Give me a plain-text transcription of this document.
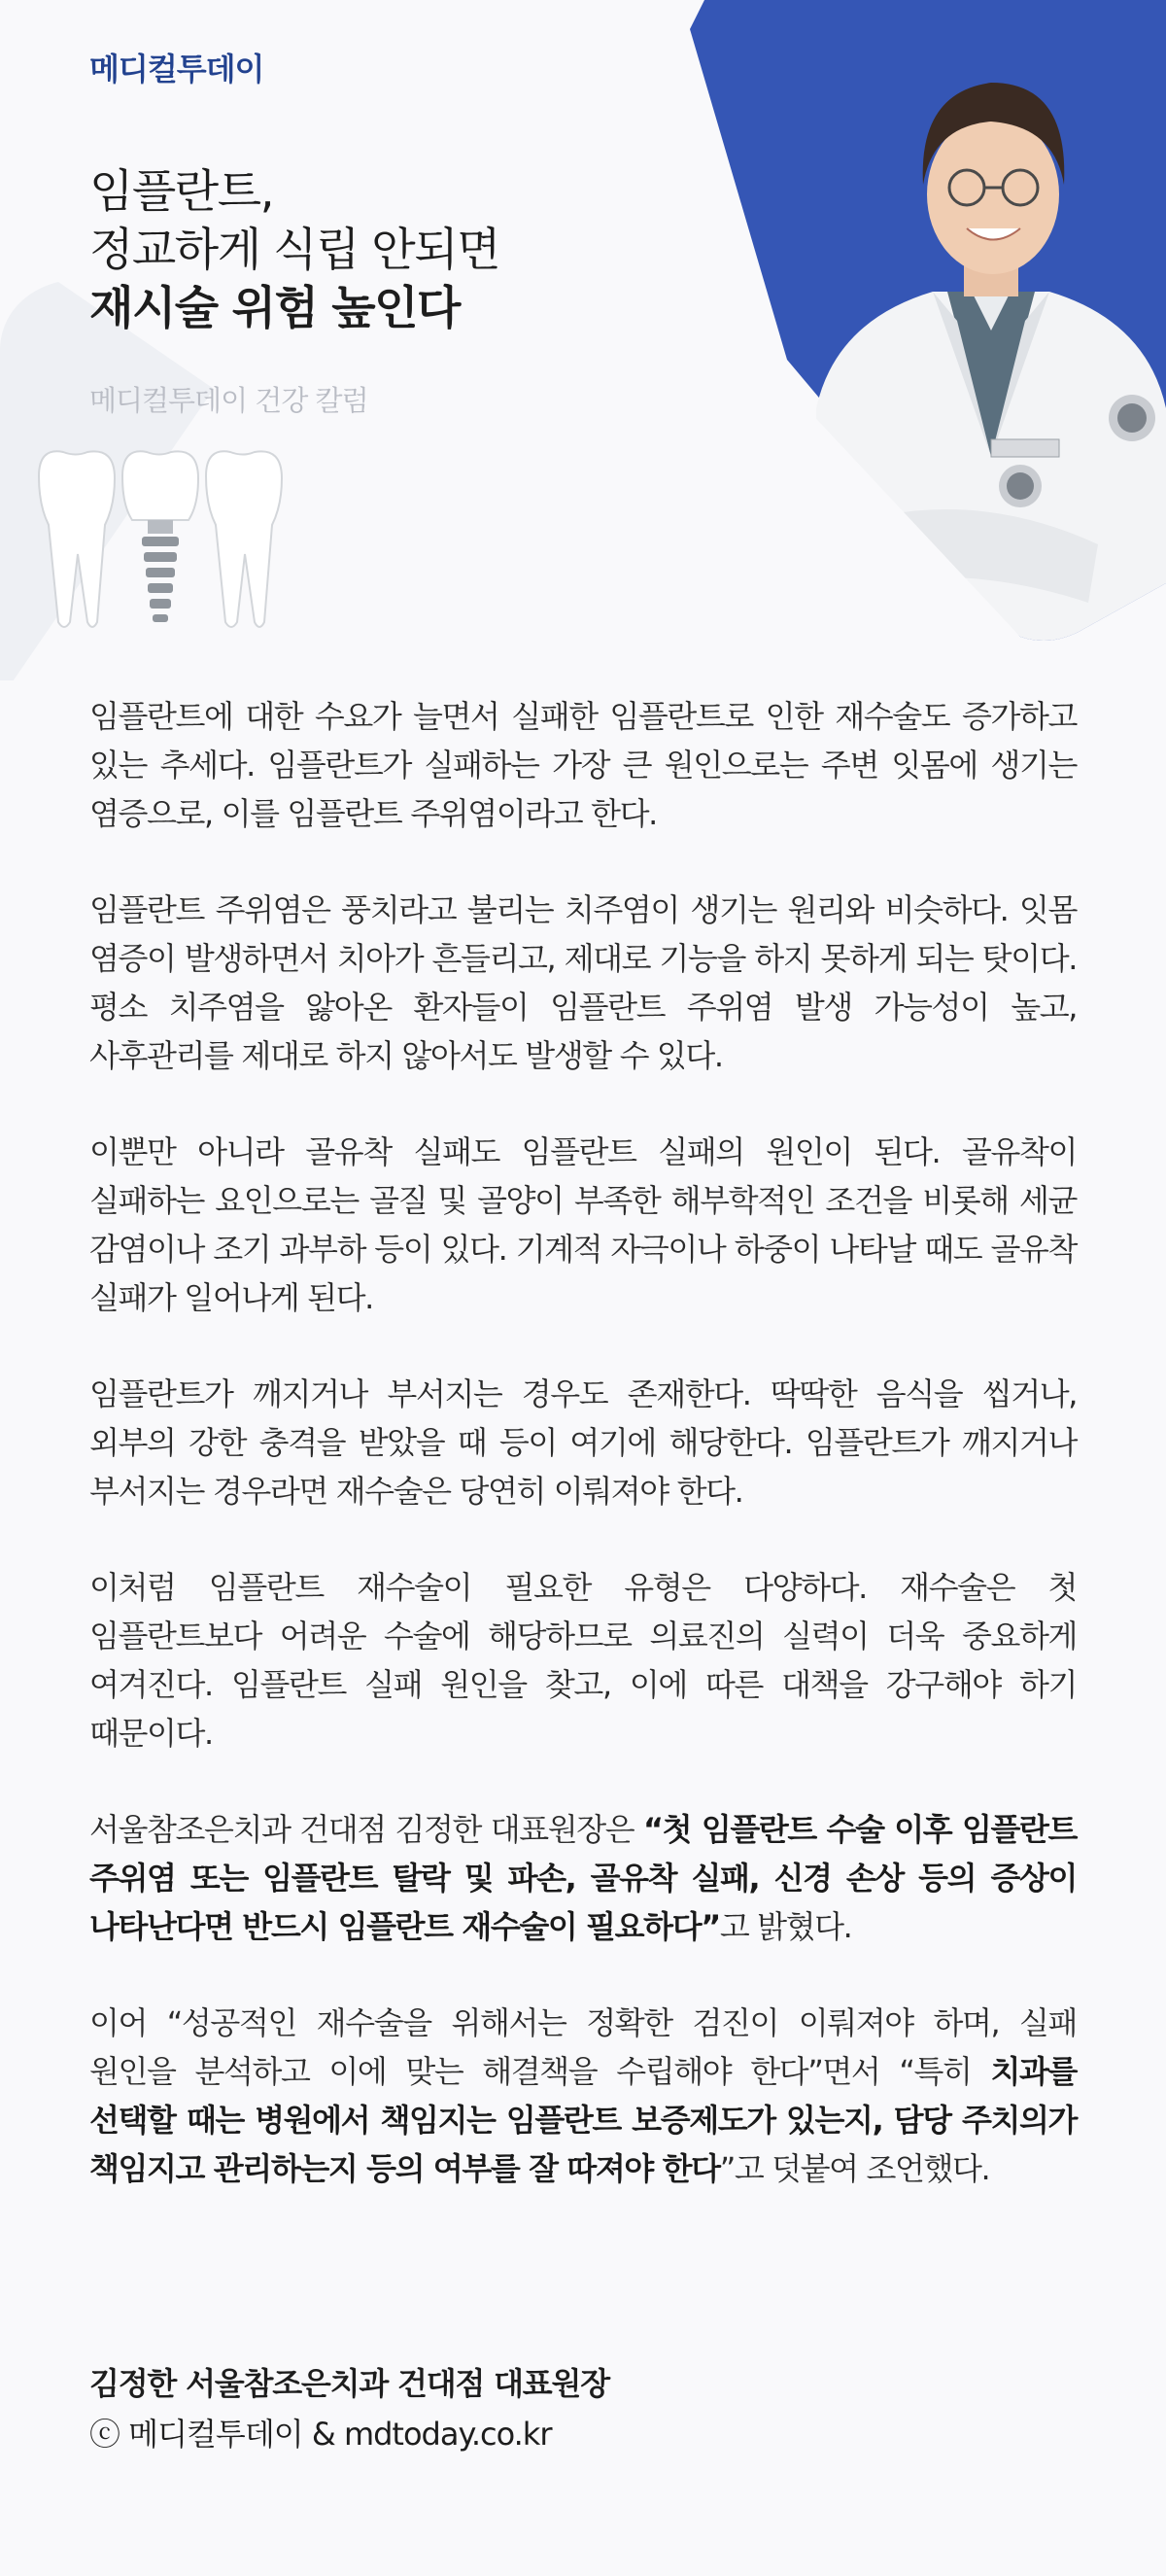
메디컬투데이
임플란트,
정교하게 식립 안되면
재시술 위험 높인다
메디컬투데이 건강 칼럼

임플란트에 대한 수요가 늘면서 실패한 임플란트로 인한 재수술도 증가하고 있는 추세다. 임플란트가 실패하는 가장 큰 원인으로는 주변 잇몸에 생기는 염증으로, 이를 임플란트 주위염이라고 한다.

임플란트 주위염은 풍치라고 불리는 치주염이 생기는 원리와 비슷하다. 잇몸 염증이 발생하면서 치아가 흔들리고, 제대로 기능을 하지 못하게 되는 탓이다. 평소 치주염을 앓아온 환자들이 임플란트 주위염 발생 가능성이 높고, 사후관리를 제대로 하지 않아서도 발생할 수 있다.

이뿐만 아니라 골유착 실패도 임플란트 실패의 원인이 된다. 골유착이 실패하는 요인으로는 골질 및 골양이 부족한 해부학적인 조건을 비롯해 세균 감염이나 조기 과부하 등이 있다. 기계적 자극이나 하중이 나타날 때도 골유착 실패가 일어나게 된다.

임플란트가 깨지거나 부서지는 경우도 존재한다. 딱딱한 음식을 씹거나, 외부의 강한 충격을 받았을 때 등이 여기에 해당한다. 임플란트가 깨지거나 부서지는 경우라면 재수술은 당연히 이뤄져야 한다.

이처럼 임플란트 재수술이 필요한 유형은 다양하다. 재수술은 첫 임플란트보다 어려운 수술에 해당하므로 의료진의 실력이 더욱 중요하게 여겨진다. 임플란트 실패 원인을 찾고, 이에 따른 대책을 강구해야 하기 때문이다.

서울참조은치과 건대점 김정한 대표원장은 “첫 임플란트 수술 이후 임플란트 주위염 또는 임플란트 탈락 및 파손, 골유착 실패, 신경 손상 등의 증상이 나타난다면 반드시 임플란트 재수술이 필요하다”고 밝혔다.

이어 “성공적인 재수술을 위해서는 정확한 검진이 이뤄져야 하며, 실패 원인을 분석하고 이에 맞는 해결책을 수립해야 한다”면서 “특히 치과를 선택할 때는 병원에서 책임지는 임플란트 보증제도가 있는지, 담당 주치의가 책임지고 관리하는지 등의 여부를 잘 따져야 한다”고 덧붙여 조언했다.

김정한 서울참조은치과 건대점 대표원장
ⓒ 메디컬투데이 & mdtoday.co.kr
